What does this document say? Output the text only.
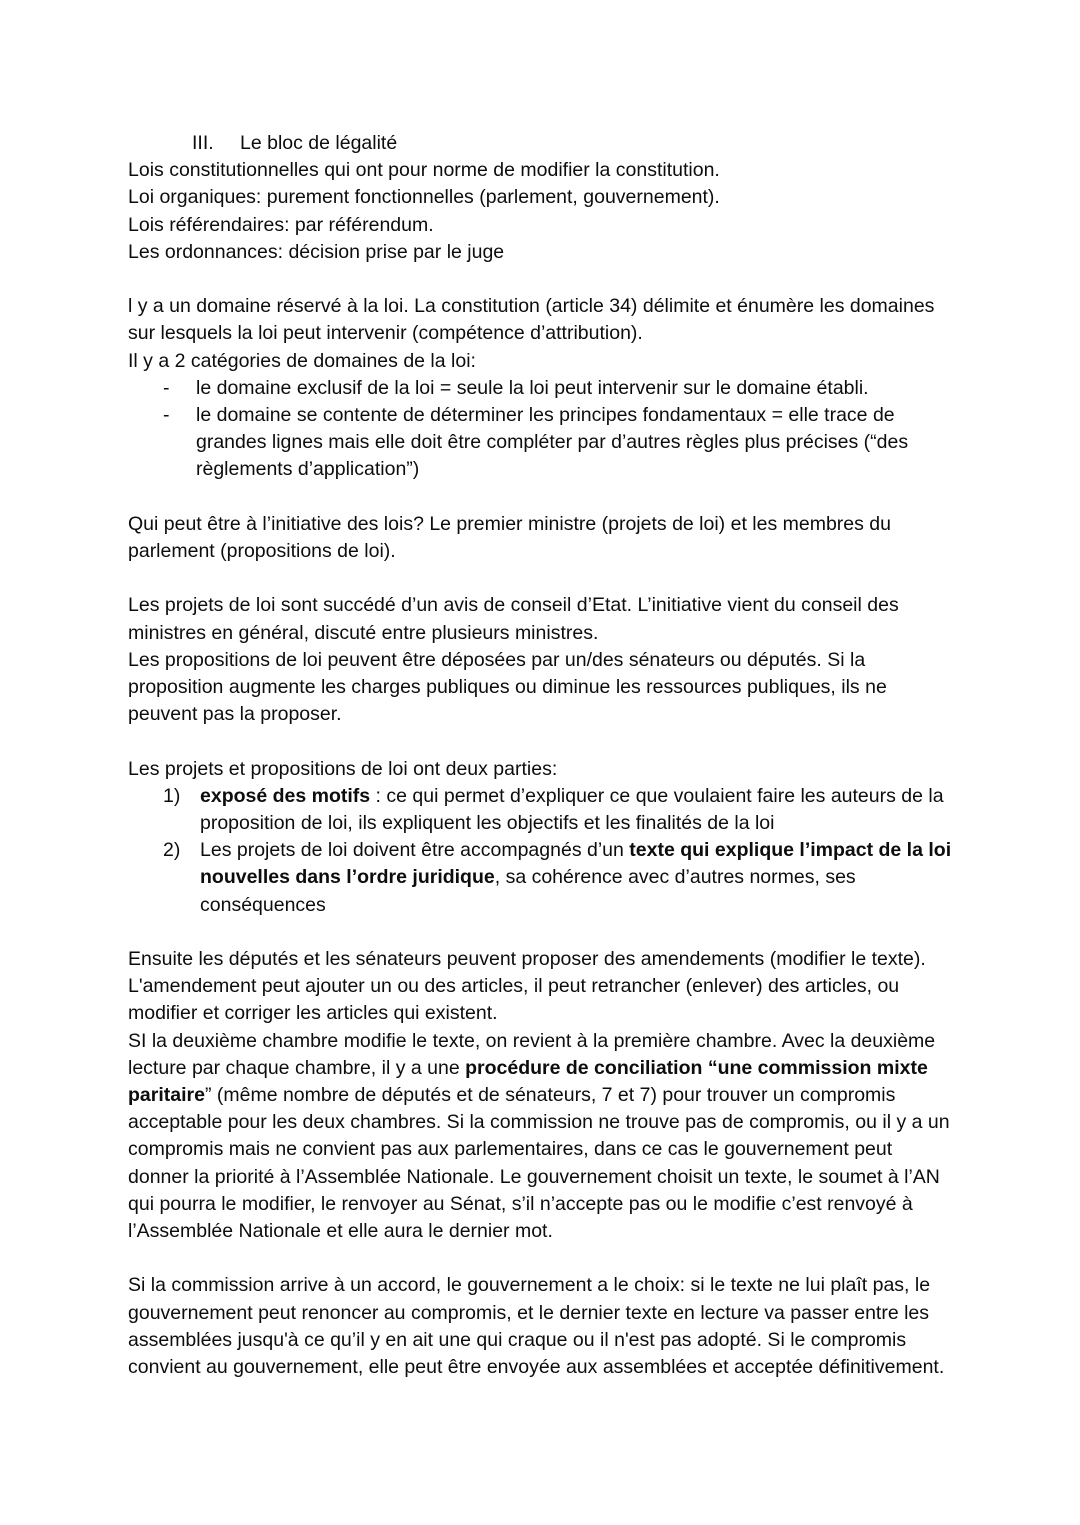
III. Le bloc de légalité

Lois constitutionnelles qui ont pour norme de modifier la constitution.

Loi organiques: purement fonctionnelles (parlement, gouvernement).

Lois référendaires: par référendum.

Les ordonnances: décision prise par le juge

l y a un domaine réservé à la loi. La constitution (article 34) délimite et énumère les domaines sur lesquels la loi peut intervenir (compétence d’attribution).

Il y a 2 catégories de domaines de la loi:

-	le domaine exclusif de la loi = seule la loi peut intervenir sur le domaine établi.
-	le domaine se contente de déterminer les principes fondamentaux = elle trace de grandes lignes mais elle doit être compléter par d’autres règles plus précises (“des règlements d’application”)

Qui peut être à l’initiative des lois? Le premier ministre (projets de loi) et les membres du parlement (propositions de loi).

Les projets de loi sont succédé d’un avis de conseil d’Etat. L’initiative vient du conseil des ministres en général, discuté entre plusieurs ministres.

Les propositions de loi peuvent être déposées par un/des sénateurs ou députés. Si la proposition augmente les charges publiques ou diminue les ressources publiques, ils ne peuvent pas la proposer.

Les projets et propositions de loi ont deux parties:

1)	exposé des motifs : ce qui permet d’expliquer ce que voulaient faire les auteurs de la proposition de loi, ils expliquent les objectifs et les finalités de la loi
2)	Les projets de loi doivent être accompagnés d’un texte qui explique l’impact de la loi nouvelles dans l’ordre juridique, sa cohérence avec d’autres normes, ses conséquences

Ensuite les députés et les sénateurs peuvent proposer des amendements (modifier le texte). L'amendement peut ajouter un ou des articles, il peut retrancher (enlever) des articles, ou modifier et corriger les articles qui existent.

SI la deuxième chambre modifie le texte, on revient à la première chambre. Avec la deuxième lecture par chaque chambre, il y a une procédure de conciliation “une commission mixte paritaire” (même nombre de députés et de sénateurs, 7 et 7) pour trouver un compromis acceptable pour les deux chambres. Si la commission ne trouve pas de compromis, ou il y a un compromis mais ne convient pas aux parlementaires, dans ce cas le gouvernement peut donner la priorité à l’Assemblée Nationale. Le gouvernement choisit un texte, le soumet à l’AN qui pourra le modifier, le renvoyer au Sénat, s’il n’accepte pas ou le modifie c’est renvoyé à l’Assemblée Nationale et elle aura le dernier mot.

Si la commission arrive à un accord, le gouvernement a le choix: si le texte ne lui plaît pas, le gouvernement peut renoncer au compromis, et le dernier texte en lecture va passer entre les assemblées jusqu'à ce qu’il y en ait une qui craque ou il n'est pas adopté. Si le compromis convient au gouvernement, elle peut être envoyée aux assemblées et acceptée définitivement.
